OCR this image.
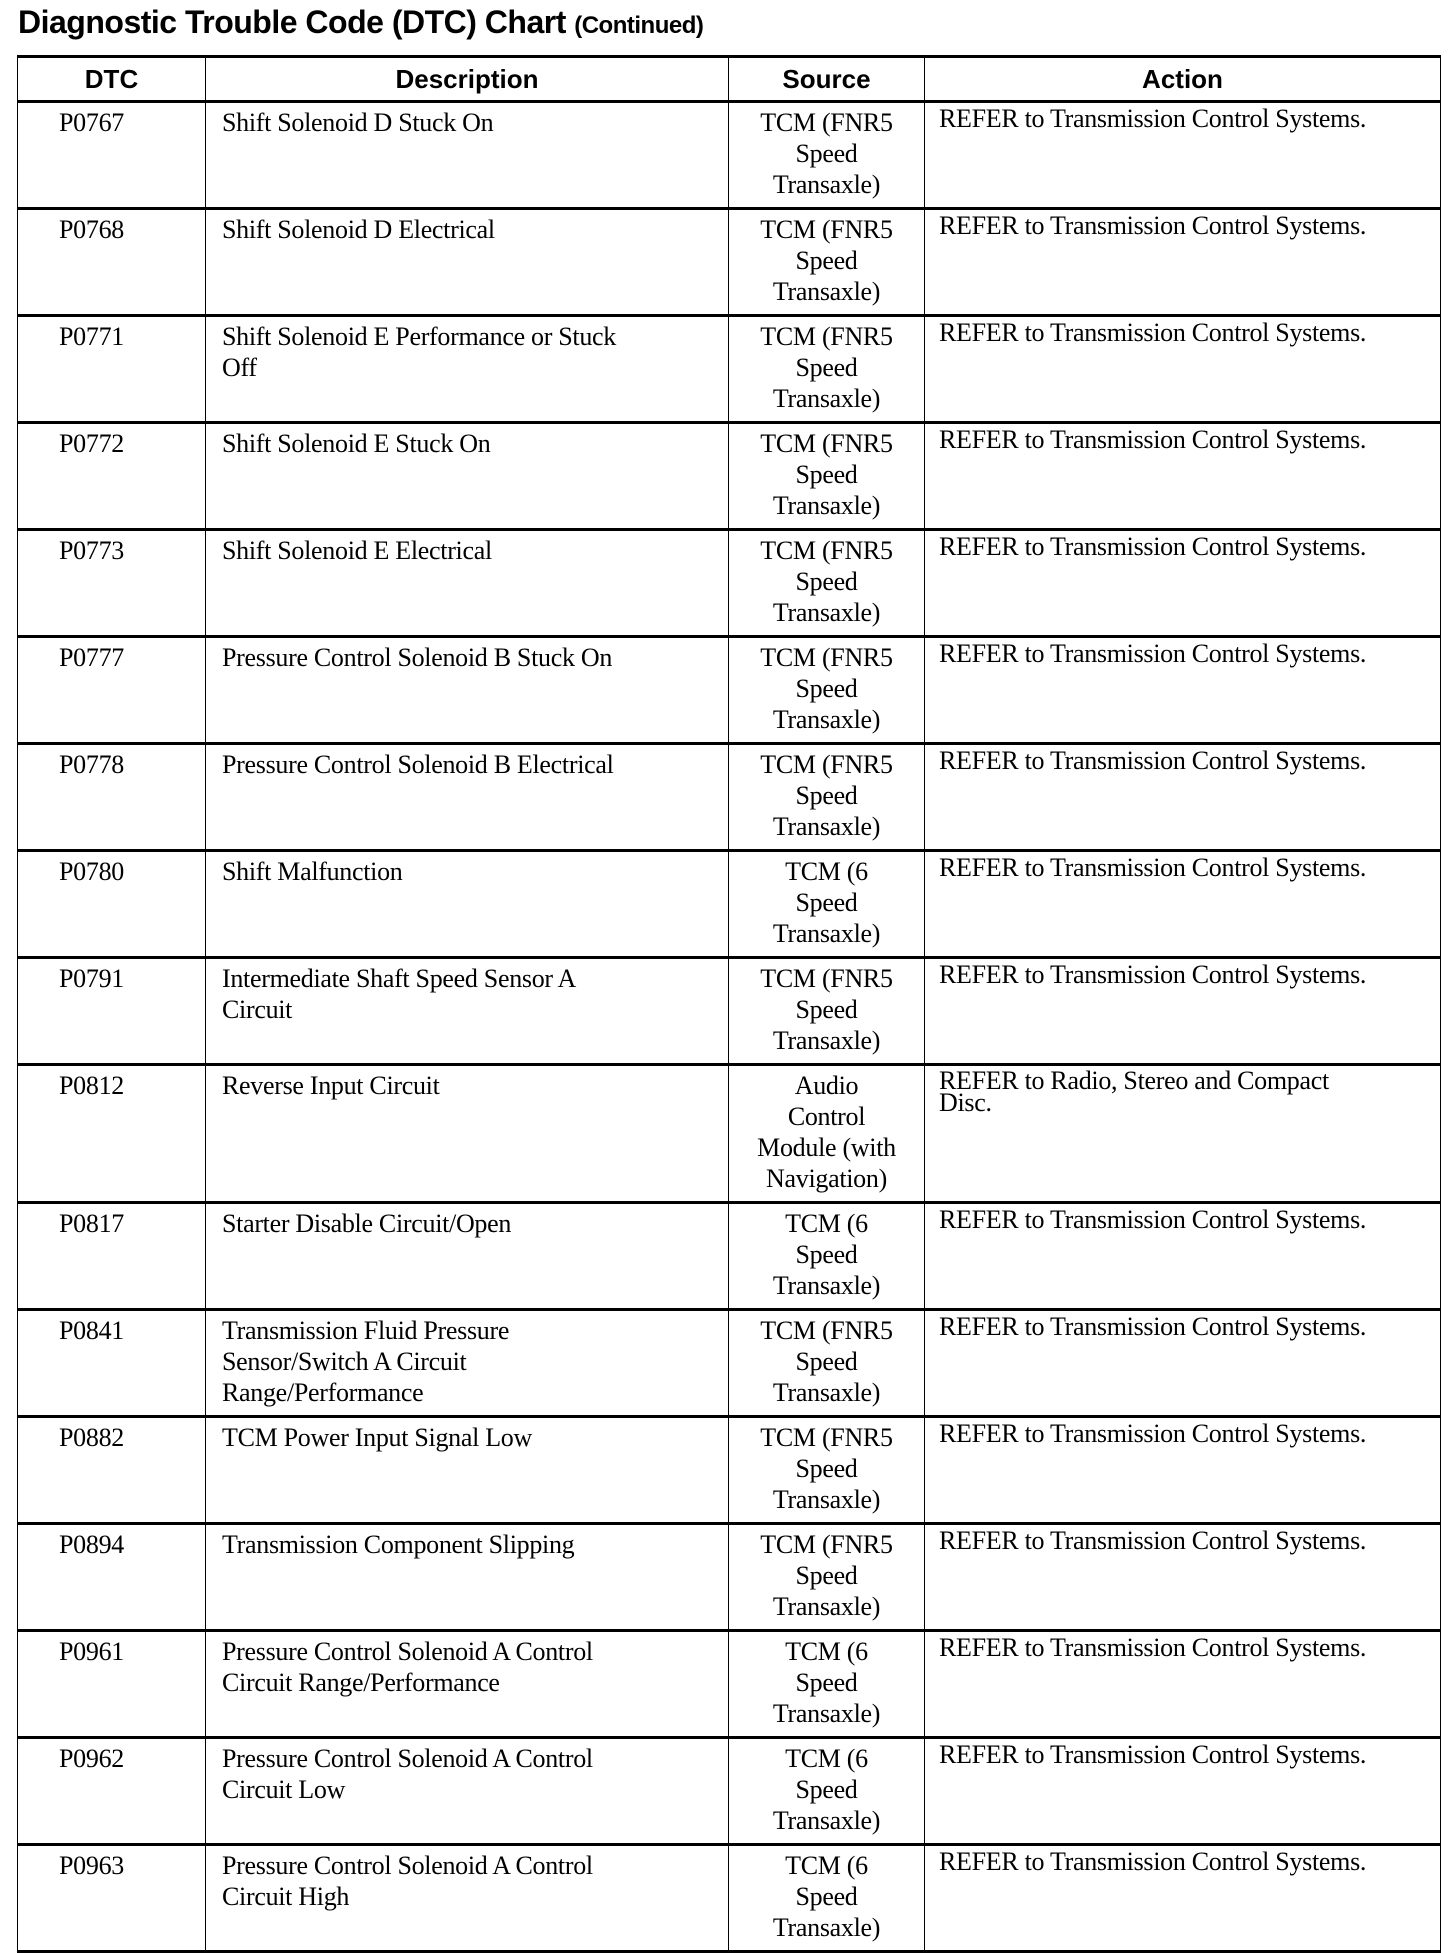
Diagnostic Trouble Code (DTC) Chart (Continued)
DTC	Description	Source	Action
P0767	Shift Solenoid D Stuck On	TCM (FNR5
Speed
Transaxle)	REFER to Transmission Control Systems.
P0768	Shift Solenoid D Electrical	TCM (FNR5
Speed
Transaxle)	REFER to Transmission Control Systems.
P0771	Shift Solenoid E Performance or Stuck
Off	TCM (FNR5
Speed
Transaxle)	REFER to Transmission Control Systems.
P0772	Shift Solenoid E Stuck On	TCM (FNR5
Speed
Transaxle)	REFER to Transmission Control Systems.
P0773	Shift Solenoid E Electrical	TCM (FNR5
Speed
Transaxle)	REFER to Transmission Control Systems.
P0777	Pressure Control Solenoid B Stuck On	TCM (FNR5
Speed
Transaxle)	REFER to Transmission Control Systems.
P0778	Pressure Control Solenoid B Electrical	TCM (FNR5
Speed
Transaxle)	REFER to Transmission Control Systems.
P0780	Shift Malfunction	TCM (6
Speed
Transaxle)	REFER to Transmission Control Systems.
P0791	Intermediate Shaft Speed Sensor A
Circuit	TCM (FNR5
Speed
Transaxle)	REFER to Transmission Control Systems.
P0812	Reverse Input Circuit	Audio
Control
Module (with
Navigation)	REFER to Radio, Stereo and Compact
Disc.
P0817	Starter Disable Circuit/Open	TCM (6
Speed
Transaxle)	REFER to Transmission Control Systems.
P0841	Transmission Fluid Pressure
Sensor/Switch A Circuit
Range/Performance	TCM (FNR5
Speed
Transaxle)	REFER to Transmission Control Systems.
P0882	TCM Power Input Signal Low	TCM (FNR5
Speed
Transaxle)	REFER to Transmission Control Systems.
P0894	Transmission Component Slipping	TCM (FNR5
Speed
Transaxle)	REFER to Transmission Control Systems.
P0961	Pressure Control Solenoid A Control
Circuit Range/Performance	TCM (6
Speed
Transaxle)	REFER to Transmission Control Systems.
P0962	Pressure Control Solenoid A Control
Circuit Low	TCM (6
Speed
Transaxle)	REFER to Transmission Control Systems.
P0963	Pressure Control Solenoid A Control
Circuit High	TCM (6
Speed
Transaxle)	REFER to Transmission Control Systems.
